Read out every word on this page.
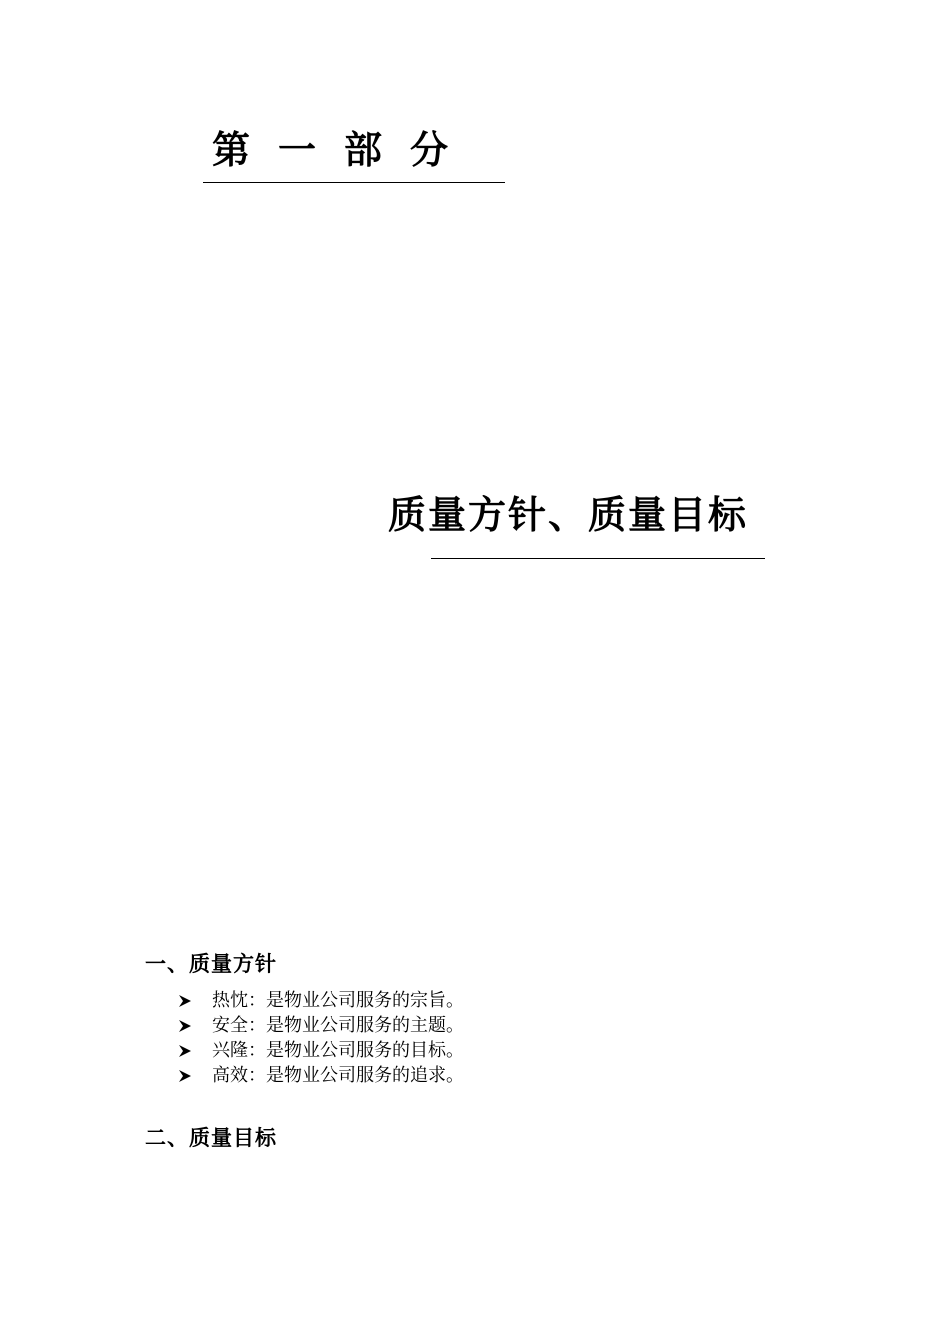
第一部分
质量方针、质量目标
一、质量方针
热忱：是物业公司服务的宗旨。
安全：是物业公司服务的主题。
兴隆：是物业公司服务的目标。
高效：是物业公司服务的追求。
二、质量目标
